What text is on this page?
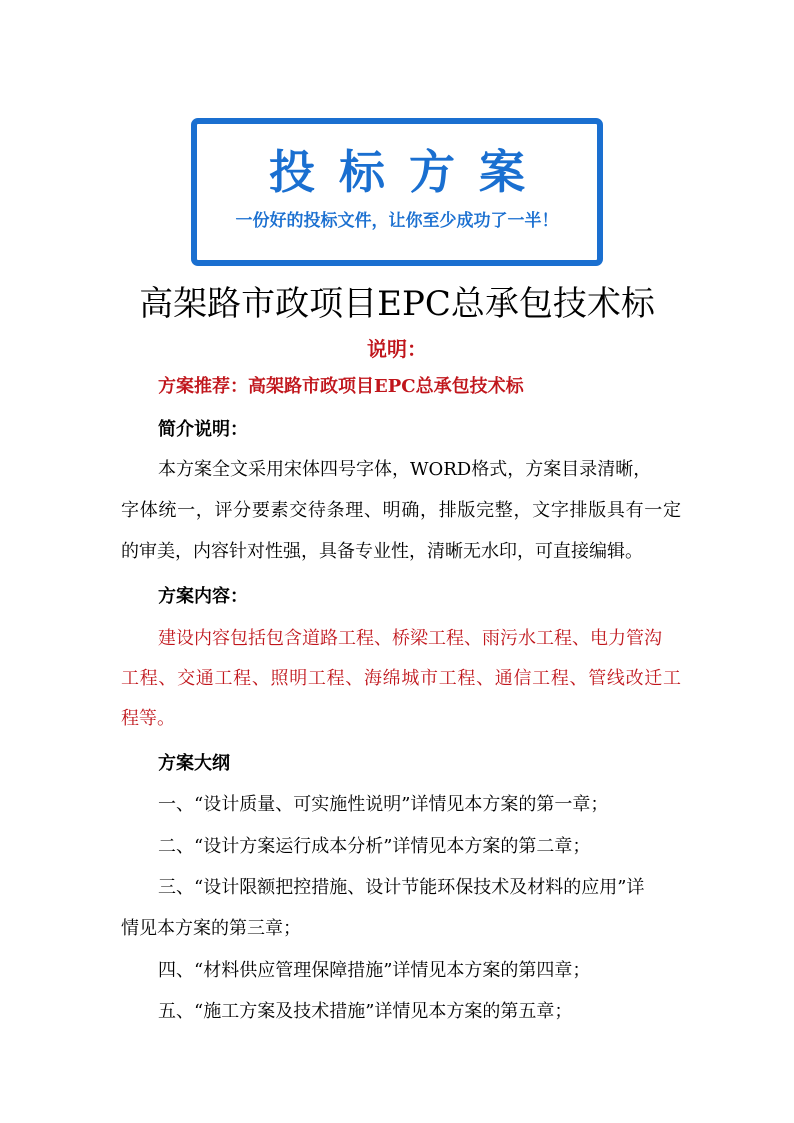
投标方案
一份好的投标文件，让你至少成功了一半！
高架路市政项目EPC总承包技术标
说明：
方案推荐：高架路市政项目EPC总承包技术标
简介说明：
本方案全文采用宋体四号字体，WORD格式，方案目录清晰，
字体统一，评分要素交待条理、明确，排版完整，文字排版具有一定
的审美，内容针对性强，具备专业性，清晰无水印，可直接编辑。
方案内容：
建设内容包括包含道路工程、桥梁工程、雨污水工程、电力管沟
工程、交通工程、照明工程、海绵城市工程、通信工程、管线改迁工
程等。
方案大纲
一、“设计质量、可实施性说明”详情见本方案的第一章；
二、“设计方案运行成本分析”详情见本方案的第二章；
三、“设计限额把控措施、设计节能环保技术及材料的应用”详
情见本方案的第三章；
四、“材料供应管理保障措施”详情见本方案的第四章；
五、“施工方案及技术措施”详情见本方案的第五章；
